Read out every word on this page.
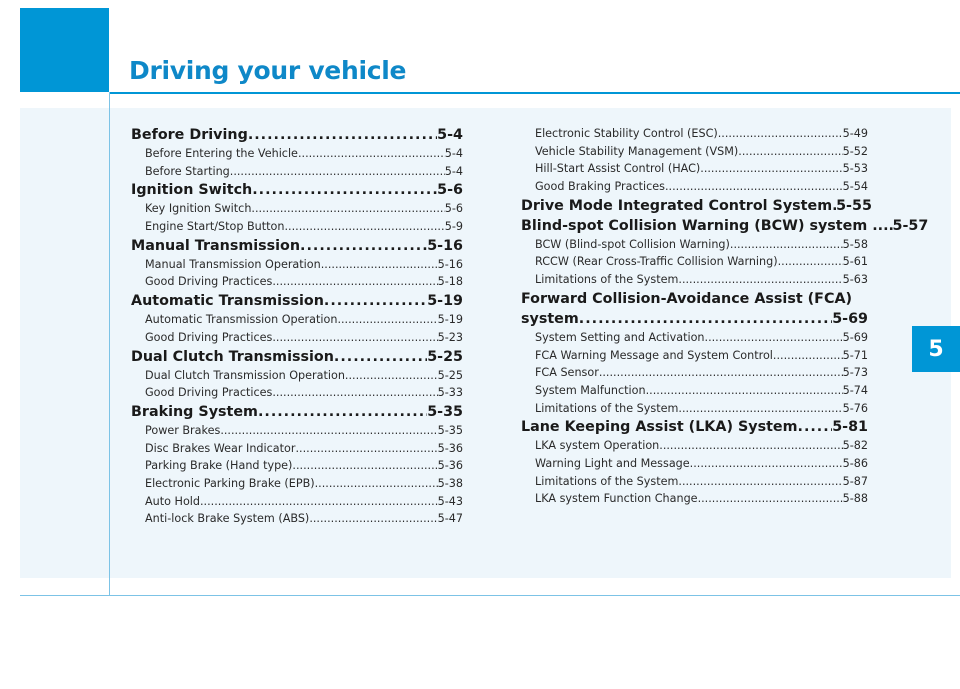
Driving your vehicle
5
Before Driving .....	5-4
Before Entering the Vehicle .....	5-4
Before Starting .....	5-4
Ignition Switch .....	5-6
Key Ignition Switch .....	5-6
Engine Start/Stop Button .....	5-9
Manual Transmission .....	5-16
Manual Transmission Operation .....	5-16
Good Driving Practices .....	5-18
Automatic Transmission .....	5-19
Automatic Transmission Operation .....	5-19
Good Driving Practices .....	5-23
Dual Clutch Transmission .....	5-25
Dual Clutch Transmission Operation .....	5-25
Good Driving Practices .....	5-33
Braking System .....	5-35
Power Brakes .....	5-35
Disc Brakes Wear Indicator .....	5-36
Parking Brake (Hand type) .....	5-36
Electronic Parking Brake (EPB) .....	5-38
Auto Hold .....	5-43
Anti-lock Brake System (ABS) .....	5-47
Electronic Stability Control (ESC) .....	5-49
Vehicle Stability Management (VSM) .....	5-52
Hill-Start Assist Control (HAC) .....	5-53
Good Braking Practices .....	5-54
Drive Mode Integrated Control System ..... 5-55
Blind-spot Collision Warning (BCW) system ... ..... 5-57
BCW (Blind-spot Collision Warning) .....	5-58
RCCW (Rear Cross-Traffic Collision Warning) .....	5-61
Limitations of the System .....	5-63
Forward Collision-Avoidance Assist (FCA)
system .....	5-69
System Setting and Activation .....	5-69
FCA Warning Message and System Control .....	5-71
FCA Sensor .....	5-73
System Malfunction .....	5-74
Limitations of the System .....	5-76
Lane Keeping Assist (LKA) System ..... 5-81
LKA system Operation .....	5-82
Warning Light and Message .....	5-86
Limitations of the System .....	5-87
LKA system Function Change .....	5-88
